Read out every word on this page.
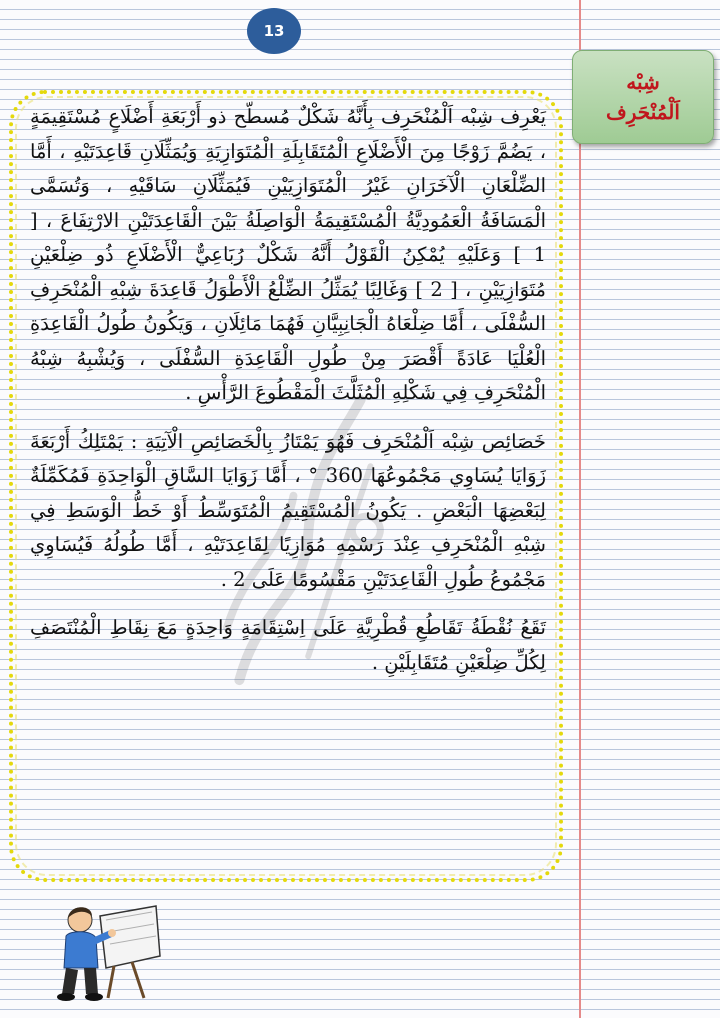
13
شِبْه
اَلْمُنْحَرِف

يَعْرِف شِبْه اَلْمُنْحَرِف بِأَنَّهُ شَكْلٌ مُسطّح ذو أَرْبَعَةِ أَضْلَاعٍ مُسْتَقِيمَةٍ ، يَضُمَّ زَوْجًا مِنَ الْأَضْلَاعِ الْمُتَقَابِلَةِ الْمُتَوَازِيَةِ وَيُمَثِّلَانِ قَاعِدَتَيْهِ ، أَمَّا الضِّلْعَانِ الْآخَرَانِ غَيْرُ الْمُتَوَازِيَيْنِ فَيُمَثِّلَانِ سَاقَيْهِ ، وَتُسَمَّى الْمَسَافَةُ الْعَمُودِيَّةُ الْمُسْتَقِيمَةُ الْوَاصِلَةُ بَيْنَ الْقَاعِدَتَيْنِ الارْتِفَاعَ ، [ 1 ] وَعَلَيْهِ يُمْكِنُ الْقَوْلُ أَنَّهُ شَكْلٌ رُبَاعِيٌّ الْأَضْلَاعِ ذُو ضِلْعَيْنِ مُتَوَازِيَيْنِ ، [ 2 ] وَغَالِبًا يُمَثِّلُ الضِّلْعُ الْأَطْوَلُ قَاعِدَةَ شِبْهِ الْمُنْحَرِفِ السُّفْلَى ، أَمَّا ضِلْعَاهُ الْجَانِبِيَّانِ فَهُمَا مَائِلَانِ ، وَيَكُونُ طُولُ الْقَاعِدَةِ الْعُلْيَا عَادَةً أَقْصَرَ مِنْ طُولِ الْقَاعِدَةِ السُّفْلَى ، وَيُشْبِهُ شِبْهُ الْمُنْحَرِفِ فِي شَكْلِهِ الْمُثَلَّثَ الْمَقْطُوعَ الرَّأْسِ .

خَصَائِص شِبْه اَلْمُنْحَرِف فَهُوَ يَمْتَازُ بِالْخَصَائِصِ الْآتِيَةِ : يَمْتَلِكُ أَرْبَعَةَ زَوَايَا يُسَاوِي مَجْمُوعُهَا 360 ° ، أَمَّا زَوَايَا السَّاقِ الْوَاحِدَةِ فَمُكَمِّلَةٌ لِبَعْضِهَا الْبَعْضِ . يَكُونُ الْمُسْتَقِيمُ الْمُتَوَسِّطُ أَوْ خَطُّ الْوَسَطِ فِي شِبْهِ الْمُنْحَرِفِ عِنْدَ رَسْمِهِ مُوَازِيًا لِقَاعِدَتَيْهِ ، أَمَّا طُولُهُ فَيُسَاوِي مَجْمُوعُ طُولِ الْقَاعِدَتَيْنِ مَقْسُومًا عَلَى 2 .

تَقَعُ نُقْطَةُ تَقَاطُعِ قُطْرِيَّةِ عَلَى اِسْتِقَامَةٍ وَاحِدَةٍ مَعَ نِقَاطِ الْمُنْتَصَفِ لِكُلِّ ضِلْعَيْنِ مُتَقَابِلَيْنِ .
